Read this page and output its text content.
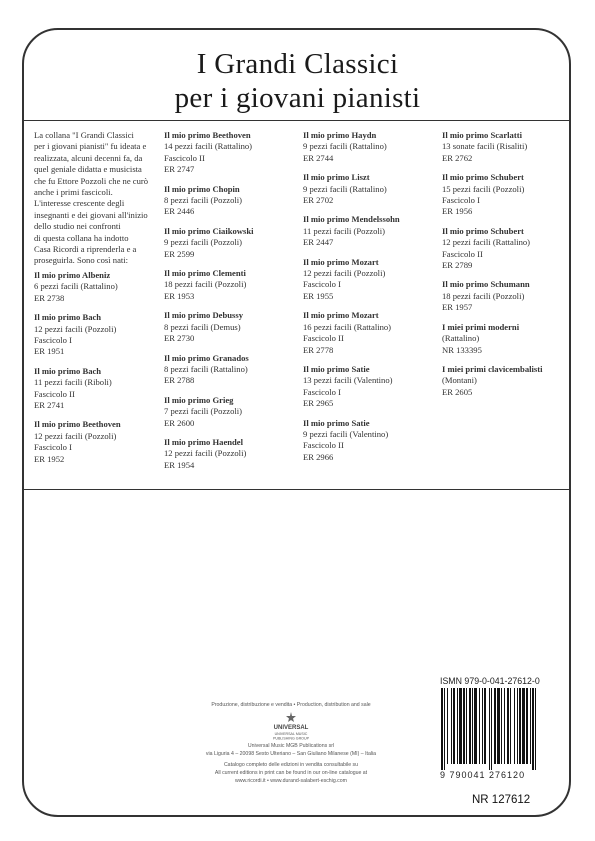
I Grandi Classici
per i giovani pianisti
La collana "I Grandi Classici
per i giovani pianisti" fu ideata e
realizzata, alcuni decenni fa, da
quel geniale didatta e musicista
che fu Ettore Pozzoli che ne curò
anche i primi fascicoli.
L'interesse crescente degli
insegnanti e dei giovani all'inizio
dello studio nei confronti
di questa collana ha indotto
Casa Ricordi a riprenderla e a
proseguirla. Sono così nati:
Il mio primo Albeniz
6 pezzi facili (Rattalino)
ER 2738
Il mio primo Bach
12 pezzi facili (Pozzoli)
Fascicolo I
ER 1951
Il mio primo Bach
11 pezzi facili (Riboli)
Fascicolo II
ER 2741
Il mio primo Beethoven
12 pezzi facili (Pozzoli)
Fascicolo I
ER 1952
Il mio primo Beethoven
14 pezzi facili (Rattalino)
Fascicolo II
ER 2747
Il mio primo Chopin
8 pezzi facili (Pozzoli)
ER 2446
Il mio primo Ciaikowski
9 pezzi facili (Pozzoli)
ER 2599
Il mio primo Clementi
18 pezzi facili (Pozzoli)
ER 1953
Il mio primo Debussy
8 pezzi facili (Demus)
ER 2730
Il mio primo Granados
8 pezzi facili (Rattalino)
ER 2788
Il mio primo Grieg
7 pezzi facili (Pozzoli)
ER 2600
Il mio primo Haendel
12 pezzi facili (Pozzoli)
ER 1954
Il mio primo Haydn
9 pezzi facili (Rattalino)
ER 2744
Il mio primo Liszt
9 pezzi facili (Rattalino)
ER 2702
Il mio primo Mendelssohn
11 pezzi facili (Pozzoli)
ER 2447
Il mio primo Mozart
12 pezzi facili (Pozzoli)
Fascicolo I
ER 1955
Il mio primo Mozart
16 pezzi facili (Rattalino)
Fascicolo II
ER 2778
Il mio primo Satie
13 pezzi facili (Valentino)
Fascicolo I
ER 2965
Il mio primo Satie
9 pezzi facili (Valentino)
Fascicolo II
ER 2966
Il mio primo Scarlatti
13 sonate facili (Risaliti)
ER 2762
Il mio primo Schubert
15 pezzi facili (Pozzoli)
Fascicolo I
ER 1956
Il mio primo Schubert
12 pezzi facili (Rattalino)
Fascicolo II
ER 2789
Il mio primo Schumann
18 pezzi facili (Pozzoli)
ER 1957
I miei primi moderni
(Rattalino)
NR 133395
I miei primi clavicembalisti
(Montani)
ER 2605
Produzione, distribuzione e vendita • Production, distribution and sale
UNIVERSAL
UNIVERSAL MUSIC
PUBLISHING GROUP
Universal Music MGB Publications srl
via Liguria 4 – 20098 Sesto Ulteriano – San Giuliano Milanese (MI) – Italia
Catalogo completo delle edizioni in vendita consultabile su
All current editions in print can be found in our on-line catalogue at
www.ricordi.it • www.durand-salabert-eschig.com
ISMN 979-0-041-27612-0
9 790041 276120
NR 127612
